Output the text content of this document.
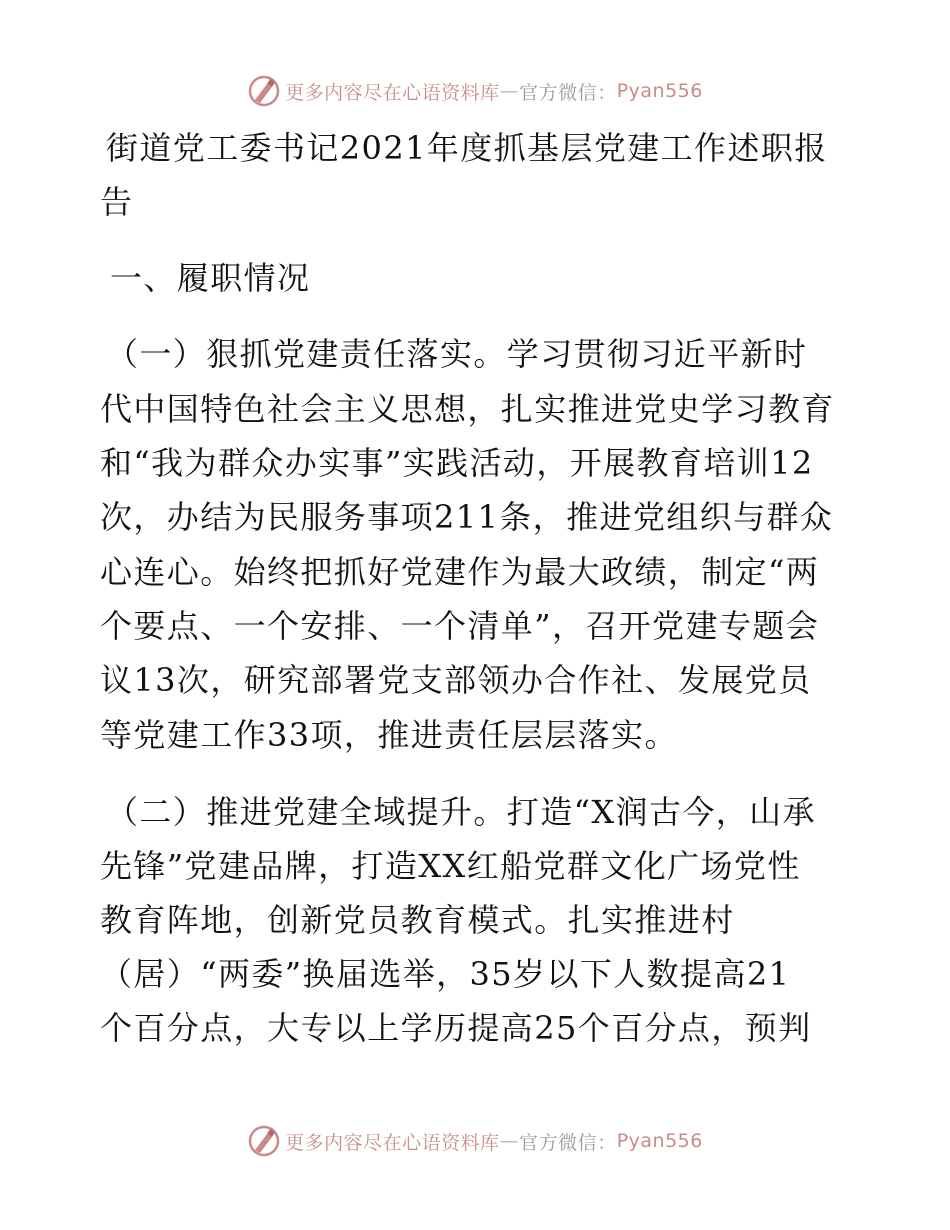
更多内容尽在心语资料库 — 官方微信： Pyan556
街道党工委书记2021年度抓基层党建工作述职报
告
一、履职情况
（一）狠抓党建责任落实。学习贯彻习近平新时
代中国特色社会主义思想，扎实推进党史学习教育
和“我为群众办实事”实践活动，开展教育培训12
次，办结为民服务事项211条，推进党组织与群众
心连心。始终把抓好党建作为最大政绩，制定“两
个要点、一个安排、一个清单”，召开党建专题会
议13次，研究部署党支部领办合作社、发展党员
等党建工作33项，推进责任层层落实。
（二）推进党建全域提升。打造“X润古今，山承
先锋”党建品牌，打造XX红船党群文化广场党性
教育阵地，创新党员教育模式。扎实推进村
（居）“两委”换届选举，35岁以下人数提高21
个百分点，大专以上学历提高25个百分点，预判
更多内容尽在心语资料库 — 官方微信： Pyan556
